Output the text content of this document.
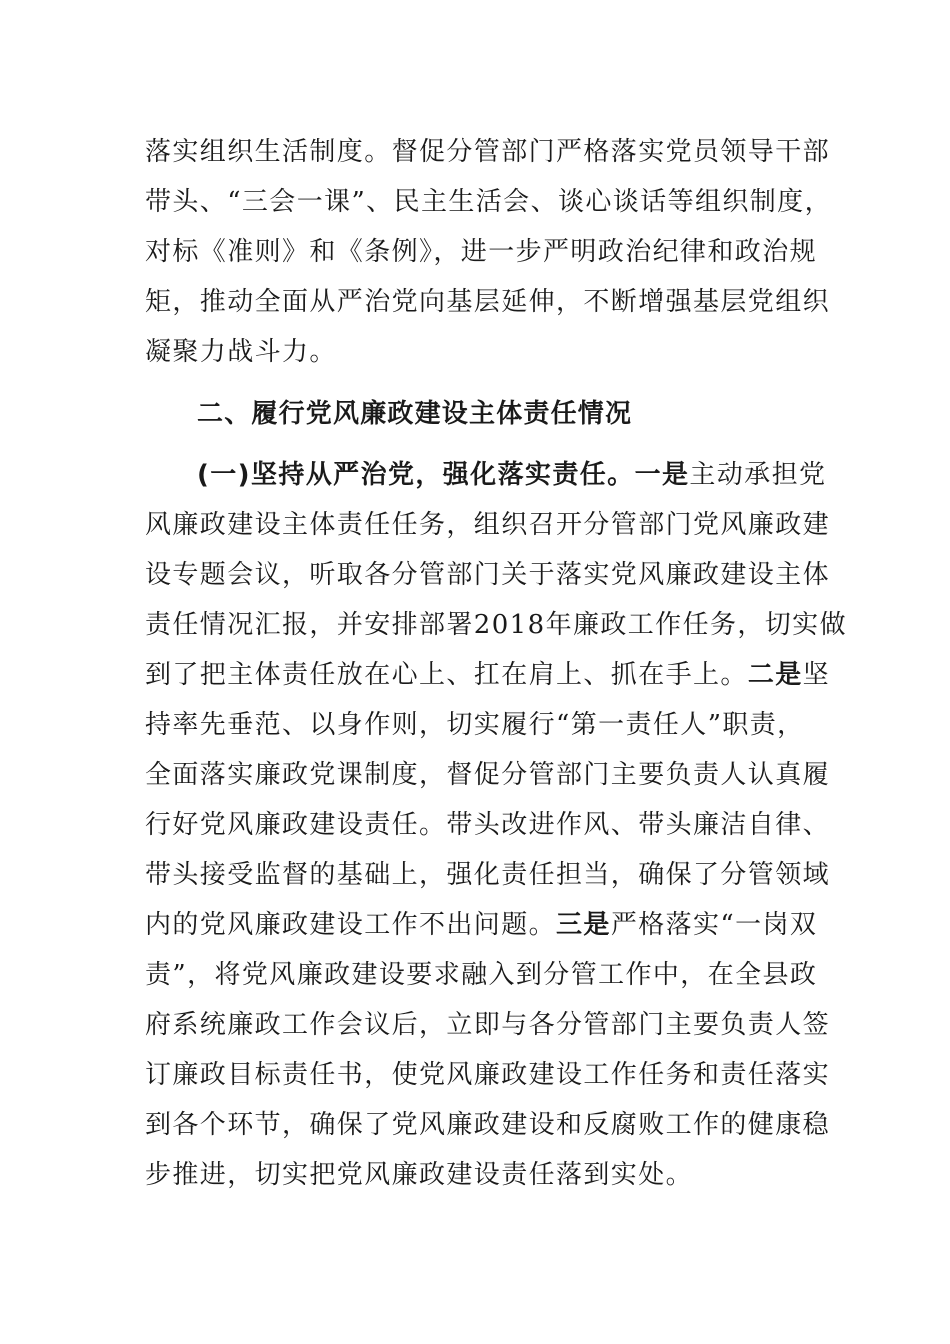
落实组织生活制度。督促分管部门严格落实党员领导干部
带头、“三会一课”、民主生活会、谈心谈话等组织制度，
对标《准则》和《条例》，进一步严明政治纪律和政治规
矩，推动全面从严治党向基层延伸，不断增强基层党组织
凝聚力战斗力。
二、履行党风廉政建设主体责任情况
(一)坚持从严治党，强化落实责任。一是主动承担党
风廉政建设主体责任任务，组织召开分管部门党风廉政建
设专题会议，听取各分管部门关于落实党风廉政建设主体
责任情况汇报，并安排部署2018年廉政工作任务，切实做
到了把主体责任放在心上、扛在肩上、抓在手上。二是坚
持率先垂范、以身作则，切实履行“第一责任人”职责，
全面落实廉政党课制度，督促分管部门主要负责人认真履
行好党风廉政建设责任。带头改进作风、带头廉洁自律、
带头接受监督的基础上，强化责任担当，确保了分管领域
内的党风廉政建设工作不出问题。三是严格落实“一岗双
责”，将党风廉政建设要求融入到分管工作中，在全县政
府系统廉政工作会议后，立即与各分管部门主要负责人签
订廉政目标责任书，使党风廉政建设工作任务和责任落实
到各个环节，确保了党风廉政建设和反腐败工作的健康稳
步推进，切实把党风廉政建设责任落到实处。
